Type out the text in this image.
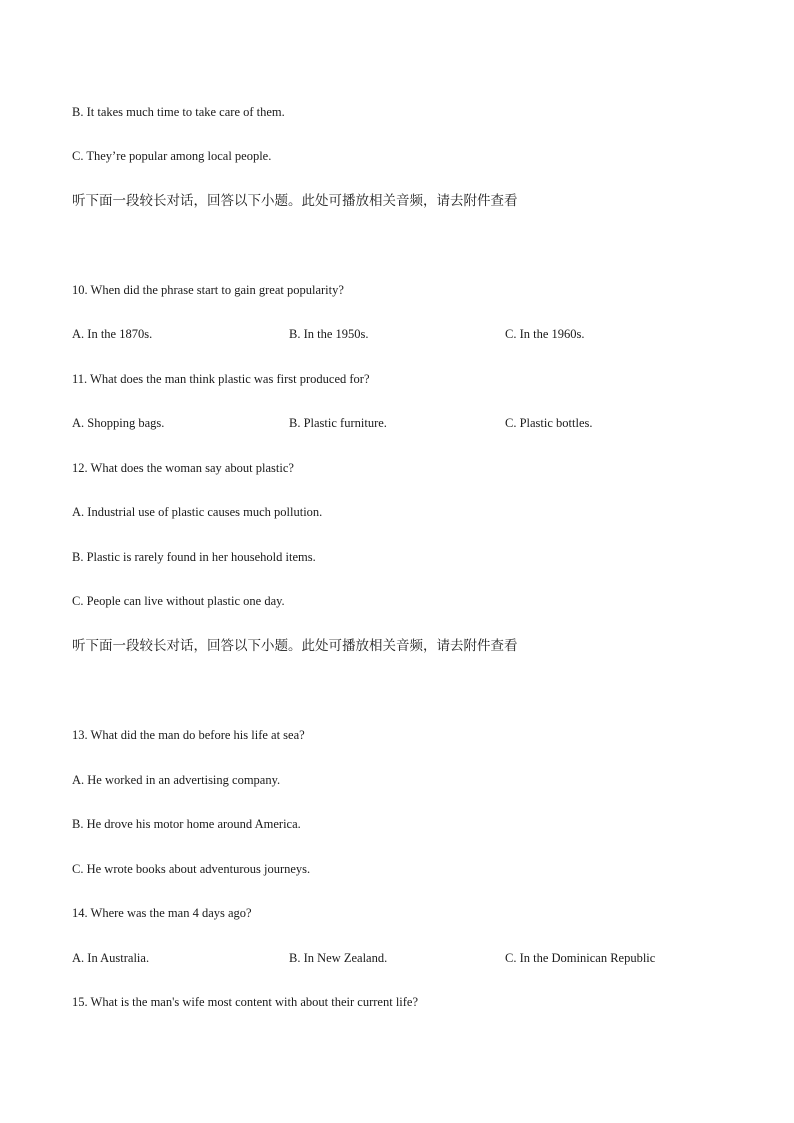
B. It takes much time to take care of them.
C. They’re popular among local people.
听下面一段较长对话，回答以下小题。此处可播放相关音频，请去附件查看
10. When did the phrase start to gain great popularity?
A. In the 1870s.	B. In the 1950s.	C. In the 1960s.
11. What does the man think plastic was first produced for?
A. Shopping bags.	B. Plastic furniture.	C. Plastic bottles.
12. What does the woman say about plastic?
A. Industrial use of plastic causes much pollution.
B. Plastic is rarely found in her household items.
C. People can live without plastic one day.
听下面一段较长对话，回答以下小题。此处可播放相关音频，请去附件查看
13. What did the man do before his life at sea?
A. He worked in an advertising company.
B. He drove his motor home around America.
C. He wrote books about adventurous journeys.
14. Where was the man 4 days ago?
A. In Australia.	B. In New Zealand.	C. In the Dominican Republic
15. What is the man's wife most content with about their current life?
